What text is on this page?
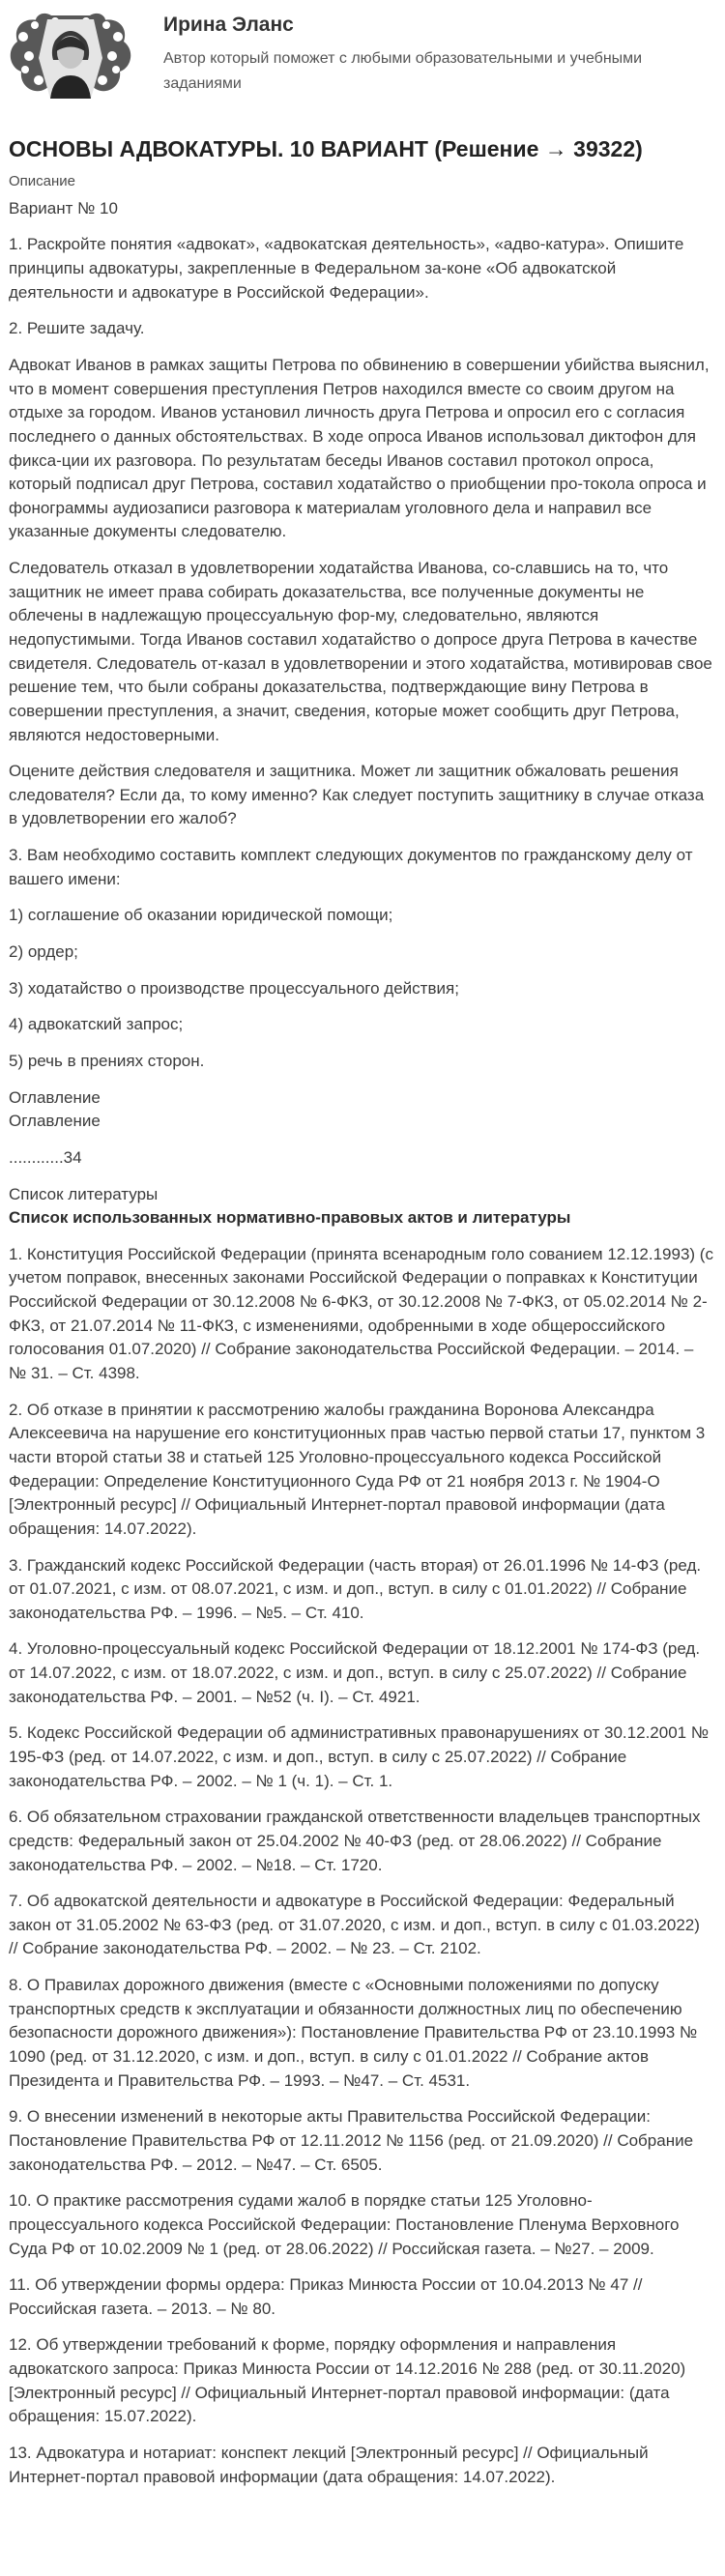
Ирина Эланс
Автор который поможет с любыми образовательными и учебными заданиями
ОСНОВЫ АДВОКАТУРЫ. 10 ВАРИАНТ (Решение → 39322)
Описание
Вариант № 10

1. Раскройте понятия «адвокат», «адвокатская деятельность», «адво-катура». Опишите принципы адвокатуры, закрепленные в Федеральном за-коне «Об адвокатской деятельности и адвокатуре в Российской Федерации».

2. Решите задачу.

Адвокат Иванов в рамках защиты Петрова по обвинению в совершении убийства выяснил, что в момент совершения преступления Петров находился вместе со своим другом на отдыхе за городом. Иванов установил личность друга Петрова и опросил его с согласия последнего о данных обстоятельствах. В ходе опроса Иванов использовал диктофон для фикса-ции их разговора. По результатам беседы Иванов составил протокол опроса, который подписал друг Петрова, составил ходатайство о приобщении про-токола опроса и фонограммы аудиозаписи разговора к материалам уголовного дела и направил все указанные документы следователю.

Следователь отказал в удовлетворении ходатайства Иванова, со-славшись на то, что защитник не имеет права собирать доказательства, все полученные документы не облечены в надлежащую процессуальную фор-му, следовательно, являются недопустимыми. Тогда Иванов составил ходатайство о допросе друга Петрова в качестве свидетеля. Следователь от-казал в удовлетворении и этого ходатайства, мотивировав свое решение тем, что были собраны доказательства, подтверждающие вину Петрова в совершении преступления, а значит, сведения, которые может сообщить друг Петрова, являются недостоверными.

Оцените действия следователя и защитника. Может ли защитник обжаловать решения следователя? Если да, то кому именно? Как следует поступить защитнику в случае отказа в удовлетворении его жалоб?

3. Вам необходимо составить комплект следующих документов по гражданскому делу от вашего имени:

1) соглашение об оказании юридической помощи;

2) ордер;

3) ходатайство о производстве процессуального действия;

4) адвокатский запрос;

5) речь в прениях сторон.

Оглавление
Оглавление

............34

Список литературы
Список использованных нормативно-правовых актов и литературы

1. Конституция Российской Федерации (принята всенародным голо сованием 12.12.1993) (с учетом поправок, внесенных законами Российской Федерации о поправках к Конституции Российской Федерации от 30.12.2008 № 6-ФКЗ, от 30.12.2008 № 7-ФКЗ, от 05.02.2014 № 2-ФКЗ, от 21.07.2014 № 11-ФКЗ, с изменениями, одобренными в ходе общероссийского голосования 01.07.2020) // Собрание законодательства Российской Федерации. – 2014. – № 31. – Ст. 4398.

2. Об отказе в принятии к рассмотрению жалобы гражданина Воронова Александра Алексеевича на нарушение его конституционных прав частью первой статьи 17, пунктом 3 части второй статьи 38 и статьей 125 Уголовно-процессуального кодекса Российской Федерации: Определение Конституционного Суда РФ от 21 ноября 2013 г. № 1904-О [Электронный ресурс] // Официальный Интернет-портал правовой информации (дата обращения: 14.07.2022).

3. Гражданский кодекс Российской Федерации (часть вторая) от 26.01.1996 № 14-ФЗ (ред. от 01.07.2021, с изм. от 08.07.2021, с изм. и доп., вступ. в силу с 01.01.2022) // Собрание законодательства РФ. – 1996. – №5. – Ст. 410.

4. Уголовно-процессуальный кодекс Российской Федерации от 18.12.2001 № 174-ФЗ (ред. от 14.07.2022, с изм. от 18.07.2022, с изм. и доп., вступ. в силу с 25.07.2022) // Собрание законодательства РФ. – 2001. – №52 (ч. I). – Ст. 4921.

5. Кодекс Российской Федерации об административных правонарушениях от 30.12.2001 № 195-ФЗ (ред. от 14.07.2022, с изм. и доп., вступ. в силу с 25.07.2022) // Собрание законодательства РФ. – 2002. – № 1 (ч. 1). – Ст. 1.

6. Об обязательном страховании гражданской ответственности владельцев транспортных средств: Федеральный закон от 25.04.2002 № 40-ФЗ (ред. от 28.06.2022) // Собрание законодательства РФ. – 2002. – №18. – Ст. 1720.

7. Об адвокатской деятельности и адвокатуре в Российской Федерации: Федеральный закон от 31.05.2002 № 63-ФЗ (ред. от 31.07.2020, с изм. и доп., вступ. в силу с 01.03.2022) // Собрание законодательства РФ. – 2002. – № 23. – Ст. 2102.

8. О Правилах дорожного движения (вместе с «Основными положениями по допуску транспортных средств к эксплуатации и обязанности должностных лиц по обеспечению безопасности дорожного движения»): Постановление Правительства РФ от 23.10.1993 № 1090 (ред. от 31.12.2020, с изм. и доп., вступ. в силу с 01.01.2022 // Собрание актов Президента и Правительства РФ. – 1993. – №47. – Ст. 4531.

9. О внесении изменений в некоторые акты Правительства Российской Федерации: Постановление Правительства РФ от 12.11.2012 № 1156 (ред. от 21.09.2020) // Собрание законодательства РФ. – 2012. – №47. – Ст. 6505.

10. О практике рассмотрения судами жалоб в порядке статьи 125 Уголовно-процессуального кодекса Российской Федерации: Постановление Пленума Верховного Суда РФ от 10.02.2009 № 1 (ред. от 28.06.2022) // Российская газета. – №27. – 2009.

11. Об утверждении формы ордера: Приказ Минюста России от 10.04.2013 № 47 // Российская газета. – 2013. – № 80.

12. Об утверждении требований к форме, порядку оформления и направления адвокатского запроса: Приказ Минюста России от 14.12.2016 № 288 (ред. от 30.11.2020) [Электронный ресурс] // Официальный Интернет-портал правовой информации: (дата обращения: 15.07.2022).

13. Адвокатура и нотариат: конспект лекций [Электронный ресурс] // Официальный Интернет-портал правовой информации (дата обращения: 14.07.2022).
